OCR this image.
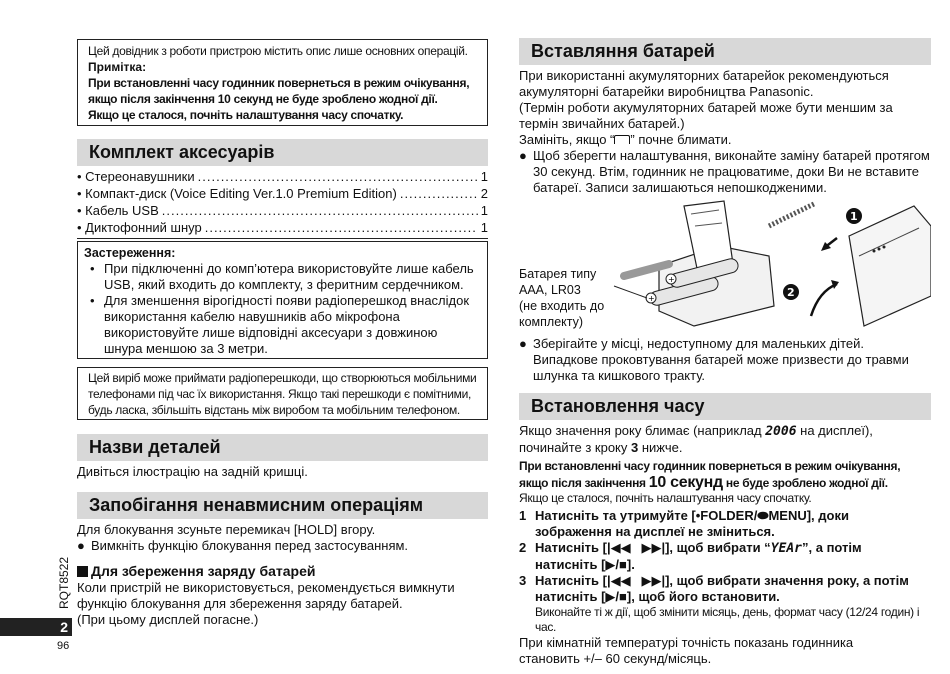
Цей довідник з роботи пристрою містить опис лише основних операцій.
Примітка:
При встановленні часу годинник повернеться в режим очікування,
якщо після закінчення 10 секунд не буде зроблено жодної дії.
Якщо це сталося, почніть налаштування часу спочатку.
Комплект аксесуарів
• Стереонавушники .....	1
• Компакт-диск (Voice Editing Ver.1.0 Premium Edition) .....	2
• Кабель USB .....	1
• Диктофонний шнур .....	1
Застереження:
• При підключенні до комп’ютера використовуйте лише кабель USB, який входить до комплекту, з феритним сердечником.
• Для зменшення вірогідності появи радіоперешкод внаслідок використання кабелю навушників або мікрофона використовуйте лише відповідні аксесуари з довжиною шнура меншою за 3 метри.
Цей виріб може приймати радіоперешкоди, що створюються мобільними
телефонами під час їх використання. Якщо такі перешкоди є помітними,
будь ласка, збільшіть відстань між виробом та мобільним телефоном.
Назви деталей
Дивіться ілюстрацію на задній кришці.
Запобігання ненавмисним операціям
Для блокування зсуньте перемикач [HOLD] вгору.
● Вимкніть функцію блокування перед застосуванням.
Для збереження заряду батарей
Коли пристрій не використовується, рекомендується вимкнути
функцію блокування для збереження заряду батарей.
(При цьому дисплей погасне.)
RQT8522
2
96
Вставляння батарей
При використанні акумуляторних батарейок рекомендуються
акумуляторні батарейки виробництва Panasonic.
(Термін роботи акумуляторних батарей може бути меншим за
термін звичайних батарей.)
Замініть, якщо “ ” почне блимати.
● Щоб зберегти налаштування, виконайте заміну батарей протягом 30 секунд. Втім, годинник не працюватиме, доки Ви не вставите батареї. Записи залишаються непошкодженими.
Батарея типу
AAA, LR03
(не входить до
комплекту)
+
+
1
2
● Зберігайте у місці, недоступному для маленьких дітей. Випадкове проковтування батарей може призвести до травми шлунка та кишкового тракту.
Встановлення часу
Якщо значення року блимає (наприклад 2006 на дисплеї),
починайте з кроку 3 нижче.
При встановленні часу годинник повернеться в режим очікування,
якщо після закінчення 10 секунд не буде зроблено жодної дії.
Якщо це сталося, почніть налаштування часу спочатку.
1 Натисніть та утримуйте [•FOLDER/⬬MENU], доки
зображення на дисплеї не зміниться.
2 Натисніть [|◀◀   ▶▶|], щоб вибрати “YEAr”, а потім
натисніть [▶/■].
3 Натисніть [|◀◀   ▶▶|], щоб вибрати значення року, а потім
натисніть [▶/■], щоб його встановити.
Виконайте ті ж дії, щоб змінити місяць, день, формат часу (12/24 годин) і час.
При кімнатній температурі точність показань годинника
становить +/– 60 секунд/місяць.
